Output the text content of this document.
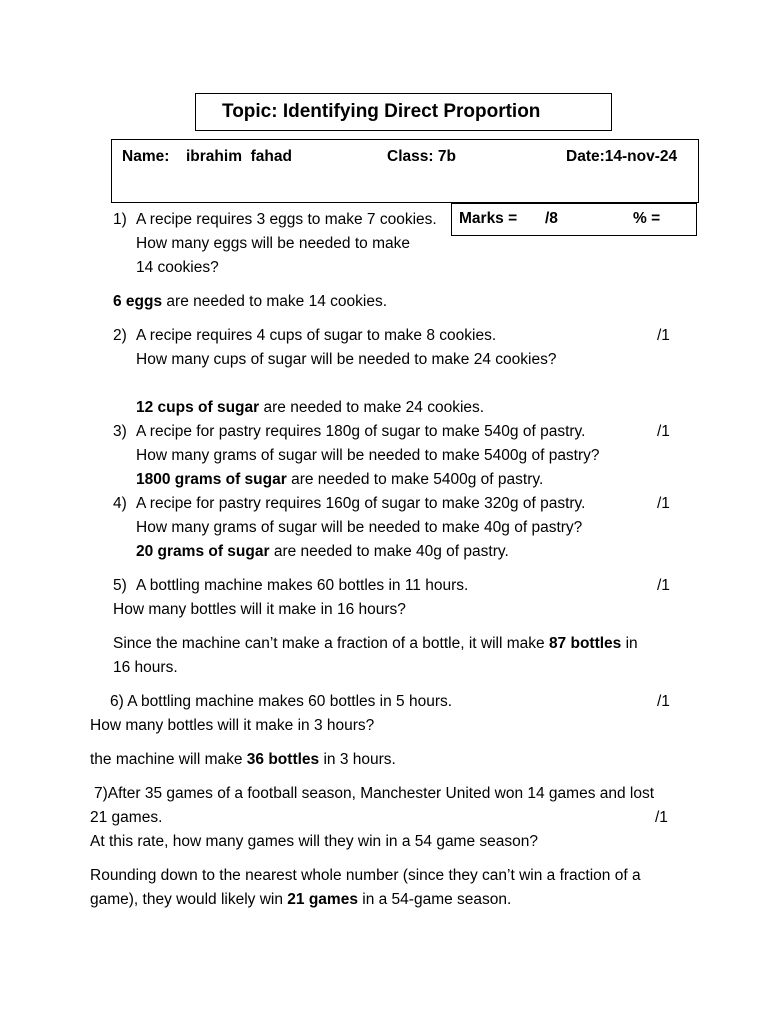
Topic: Identifying Direct Proportion
Name: ibrahim  fahad	Class: 7b	Date:14-nov-24
Marks = /8	% =
1) A recipe requires 3 eggs to make 7 cookies.
How many eggs will be needed to make
14 cookies?
6 eggs are needed to make 14 cookies.
2) A recipe requires 4 cups of sugar to make 8 cookies.	/1
How many cups of sugar will be needed to make 24 cookies?
12 cups of sugar are needed to make 24 cookies.
3) A recipe for pastry requires 180g of sugar to make 540g of pastry.	/1
How many grams of sugar will be needed to make 5400g of pastry?
1800 grams of sugar are needed to make 5400g of pastry.
4) A recipe for pastry requires 160g of sugar to make 320g of pastry.	/1
How many grams of sugar will be needed to make 40g of pastry?
20 grams of sugar are needed to make 40g of pastry.
5) A bottling machine makes 60 bottles in 11 hours.	/1
How many bottles will it make in 16 hours?
Since the machine can’t make a fraction of a bottle, it will make 87 bottles in
16 hours.
6) A bottling machine makes 60 bottles in 5 hours.	/1
How many bottles will it make in 3 hours?
the machine will make 36 bottles in 3 hours.
7)After 35 games of a football season, Manchester United won 14 games and lost
21 games.	/1
At this rate, how many games will they win in a 54 game season?
Rounding down to the nearest whole number (since they can’t win a fraction of a
game), they would likely win 21 games in a 54-game season.
